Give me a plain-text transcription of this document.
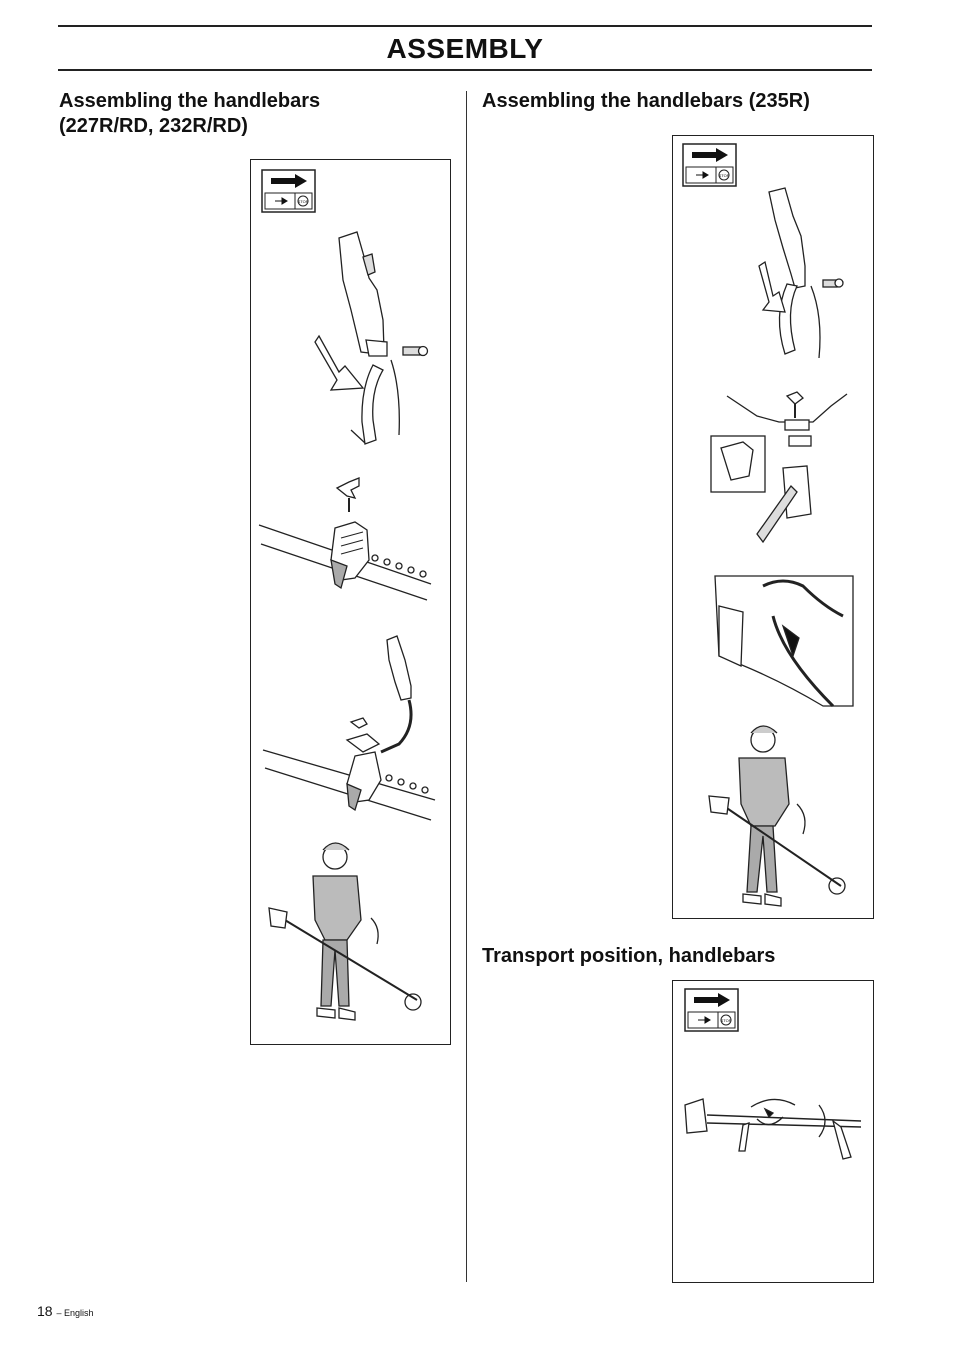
ASSEMBLY
Assembling the handlebars
(227R/RD, 232R/RD)
Assembling the handlebars (235R)
Transport position, handlebars
STOP
STOP
STOP
18 – English
